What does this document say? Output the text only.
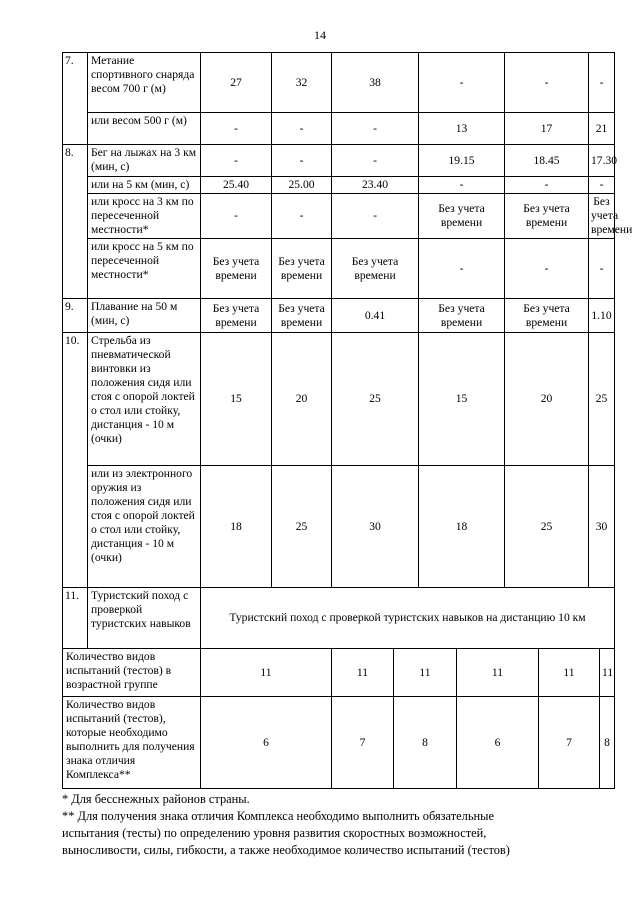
14
7.	Метание спортивного снаряда весом 700 г (м)	27	32	38		-		-		-	
	или весом 500 г (м)	-	-	-		13		17		21	
8.	Бег на лыжах на 3 км (мин, с)	-	-	-		19.15		18.45		17.30	
	или на 5 км (мин, с)	25.40	25.00	23.40		-		-		-	
	или кросс на 3 км по пересеченной местности*	-	-	-		Без учета времени		Без учета времени		Без учета времени	
	или кросс на 5 км по пересеченной местности*	Без учета времени	Без учета времени	Без учета времени		-		-		-	
9.	Плавание на 50 м (мин, с)	Без учета времени	Без учета времени	0.41		Без учета времени		Без учета времени		1.10	
10.	Стрельба из пневматической винтовки из положения сидя или стоя с опорой локтей о стол или стойку, дистанция - 10 м (очки)	15	20	25		15		20		25	
	или из электронного оружия из положения сидя или стоя с опорой локтей о стол или стойку, дистанция - 10 м (очки)	18	25	30		18		25		30	
11.	Туристский поход с проверкой туристских навыков	Туристский поход с проверкой туристских навыков на дистанцию 10 км									
Количество видов испытаний (тестов) в возрастной группе		11		11	11		11		11		11
Количество видов испытаний (тестов), которые необходимо выполнить для получения знака отличия Комплекса**		6		7	8		6		7		8
* Для бесснежных районов страны.
** Для получения знака отличия Комплекса необходимо выполнить обязательные
испытания (тесты) по определению уровня развития скоростных возможностей,
выносливости, силы, гибкости, а также необходимое количество испытаний (тестов)
